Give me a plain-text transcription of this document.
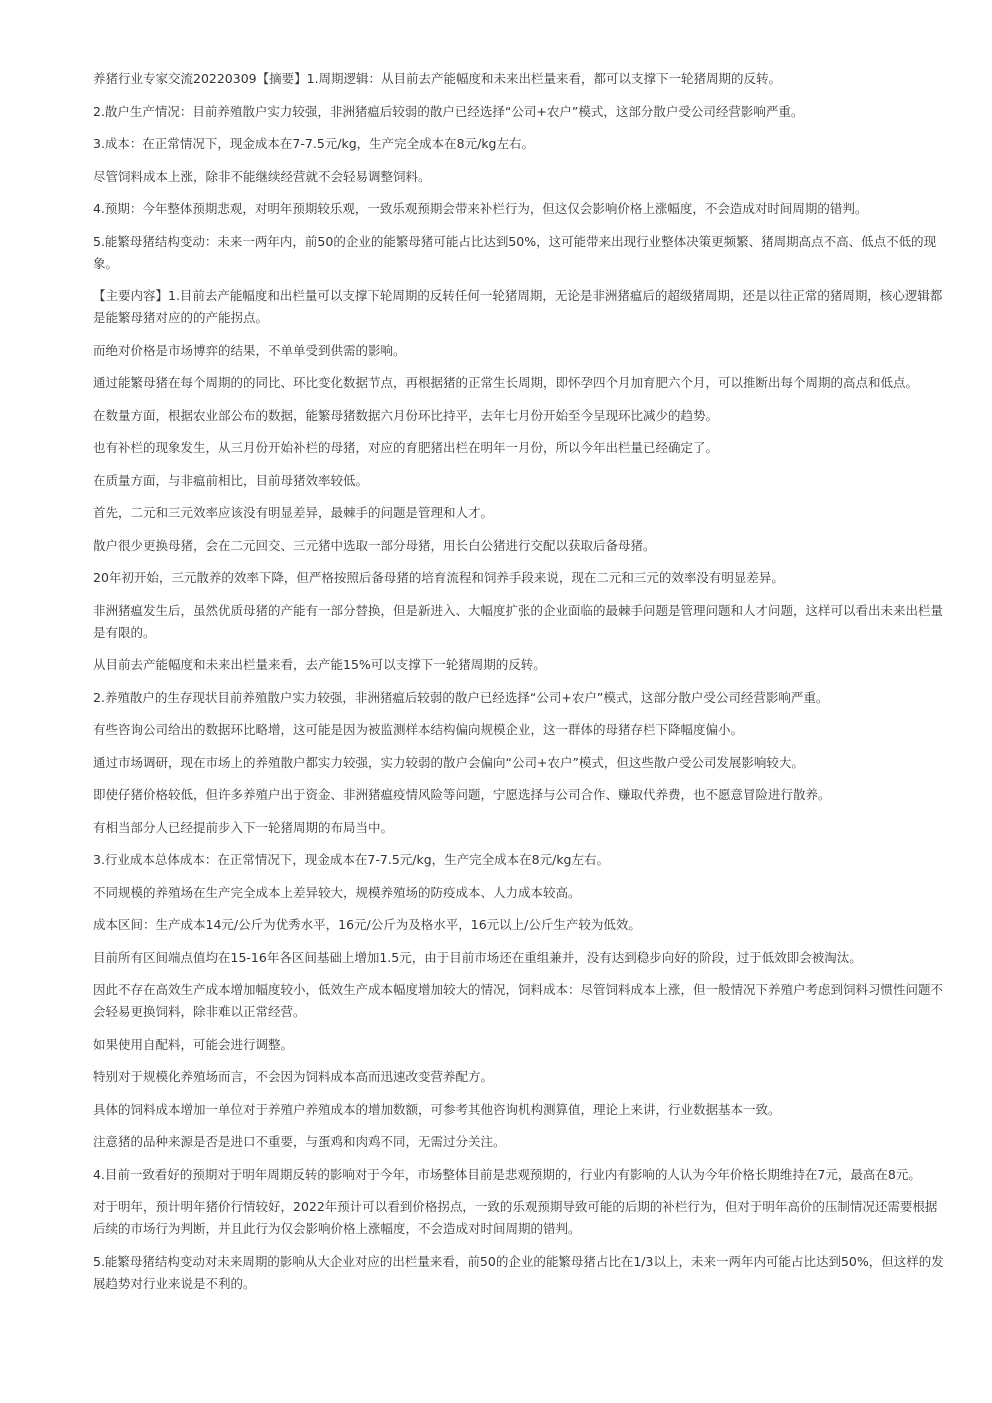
养猪行业专家交流20220309【摘要】1.周期逻辑：从目前去产能幅度和未来出栏量来看，都可以支撑下一轮猪周期的反转。

2.散户生产情况：目前养殖散户实力较强，非洲猪瘟后较弱的散户已经选择“公司+农户”模式，这部分散户受公司经营影响严重。

3.成本：在正常情况下，现金成本在7-7.5元/kg，生产完全成本在8元/kg左右。

尽管饲料成本上涨，除非不能继续经营就不会轻易调整饲料。

4.预期：今年整体预期悲观，对明年预期较乐观，一致乐观预期会带来补栏行为，但这仅会影响价格上涨幅度，不会造成对时间周期的错判。

5.能繁母猪结构变动：未来一两年内，前50的企业的能繁母猪可能占比达到50%，这可能带来出现行业整体决策更频繁、猪周期高点不高、低点不低的现象。

【主要内容】1.目前去产能幅度和出栏量可以支撑下轮周期的反转任何一轮猪周期，无论是非洲猪瘟后的超级猪周期，还是以往正常的猪周期，核心逻辑都是能繁母猪对应的的产能拐点。

而绝对价格是市场博弈的结果，不单单受到供需的影响。

通过能繁母猪在每个周期的的同比、环比变化数据节点，再根据猪的正常生长周期，即怀孕四个月加育肥六个月，可以推断出每个周期的高点和低点。

在数量方面，根据农业部公布的数据，能繁母猪数据六月份环比持平，去年七月份开始至今呈现环比减少的趋势。

也有补栏的现象发生，从三月份开始补栏的母猪，对应的育肥猪出栏在明年一月份，所以今年出栏量已经确定了。

在质量方面，与非瘟前相比，目前母猪效率较低。

首先，二元和三元效率应该没有明显差异，最棘手的问题是管理和人才。

散户很少更换母猪，会在二元回交、三元猪中选取一部分母猪，用长白公猪进行交配以获取后备母猪。

20年初开始，三元散养的效率下降，但严格按照后备母猪的培育流程和饲养手段来说，现在二元和三元的效率没有明显差异。

非洲猪瘟发生后，虽然优质母猪的产能有一部分替换，但是新进入、大幅度扩张的企业面临的最棘手问题是管理问题和人才问题，这样可以看出未来出栏量是有限的。

从目前去产能幅度和未来出栏量来看，去产能15%可以支撑下一轮猪周期的反转。

2.养殖散户的生存现状目前养殖散户实力较强，非洲猪瘟后较弱的散户已经选择“公司+农户”模式，这部分散户受公司经营影响严重。

有些咨询公司给出的数据环比略增，这可能是因为被监测样本结构偏向规模企业，这一群体的母猪存栏下降幅度偏小。

通过市场调研，现在市场上的养殖散户都实力较强，实力较弱的散户会偏向“公司+农户”模式，但这些散户受公司发展影响较大。

即使仔猪价格较低，但许多养殖户出于资金、非洲猪瘟疫情风险等问题，宁愿选择与公司合作、赚取代养费，也不愿意冒险进行散养。

有相当部分人已经提前步入下一轮猪周期的布局当中。

3.行业成本总体成本：在正常情况下，现金成本在7-7.5元/kg，生产完全成本在8元/kg左右。

不同规模的养殖场在生产完全成本上差异较大，规模养殖场的防疫成本、人力成本较高。

成本区间：生产成本14元/公斤为优秀水平，16元/公斤为及格水平，16元以上/公斤生产较为低效。

目前所有区间端点值均在15-16年各区间基础上增加1.5元，由于目前市场还在重组兼并，没有达到稳步向好的阶段，过于低效即会被淘汰。

因此不存在高效生产成本增加幅度较小，低效生产成本幅度增加较大的情况，饲料成本：尽管饲料成本上涨，但一般情况下养殖户考虑到饲料习惯性问题不会轻易更换饲料，除非难以正常经营。

如果使用自配料，可能会进行调整。

特别对于规模化养殖场而言，不会因为饲料成本高而迅速改变营养配方。

具体的饲料成本增加一单位对于养殖户养殖成本的增加数额，可参考其他咨询机构测算值，理论上来讲，行业数据基本一致。

注意猪的品种来源是否是进口不重要，与蛋鸡和肉鸡不同，无需过分关注。

4.目前一致看好的预期对于明年周期反转的影响对于今年，市场整体目前是悲观预期的，行业内有影响的人认为今年价格长期维持在7元，最高在8元。

对于明年，预计明年猪价行情较好，2022年预计可以看到价格拐点，一致的乐观预期导致可能的后期的补栏行为，但对于明年高价的压制情况还需要根据后续的市场行为判断，并且此行为仅会影响价格上涨幅度，不会造成对时间周期的错判。

5.能繁母猪结构变动对未来周期的影响从大企业对应的出栏量来看，前50的企业的能繁母猪占比在1/3以上，未来一两年内可能占比达到50%，但这样的发展趋势对行业来说是不利的。
